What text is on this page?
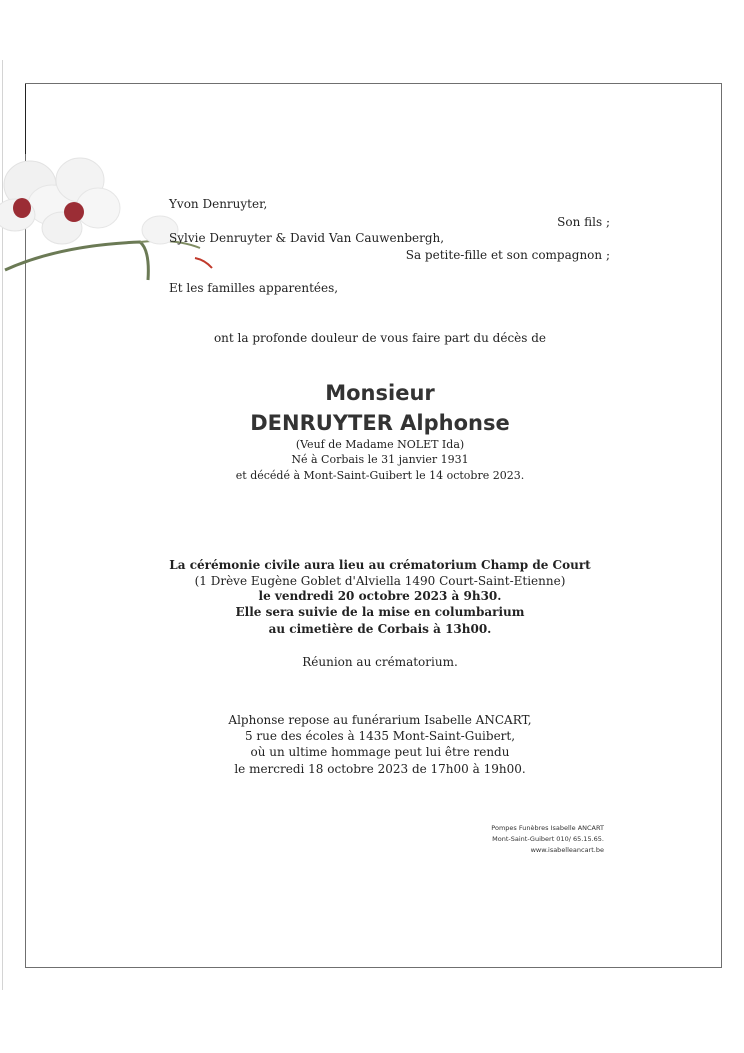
Yvon Denruyter,
Son fils ;
Sylvie Denruyter & David Van Cauwenbergh,
Sa petite-fille et son compagnon ;
Et les familles apparentées,
ont la profonde douleur de vous faire part du décès de
Monsieur
DENRUYTER Alphonse
(Veuf de Madame NOLET Ida)
Né à Corbais le 31 janvier 1931
et décédé à Mont-Saint-Guibert le 14 octobre 2023.
La cérémonie civile aura lieu au crématorium Champ de Court
(1 Drève Eugène Goblet d'Alviella 1490 Court-Saint-Etienne)
le vendredi 20 octobre 2023 à 9h30.
Elle sera suivie de la mise en columbarium
au cimetière de Corbais à 13h00.
Réunion au crématorium.
Alphonse repose au funérarium Isabelle ANCART,
5 rue des écoles à 1435 Mont-Saint-Guibert,
où un ultime hommage peut lui être rendu
le mercredi 18 octobre 2023 de 17h00 à 19h00.
Pompes Funèbres Isabelle ANCART
Mont-Saint-Guibert 010/ 65.15.65.
www.isabelleancart.be
